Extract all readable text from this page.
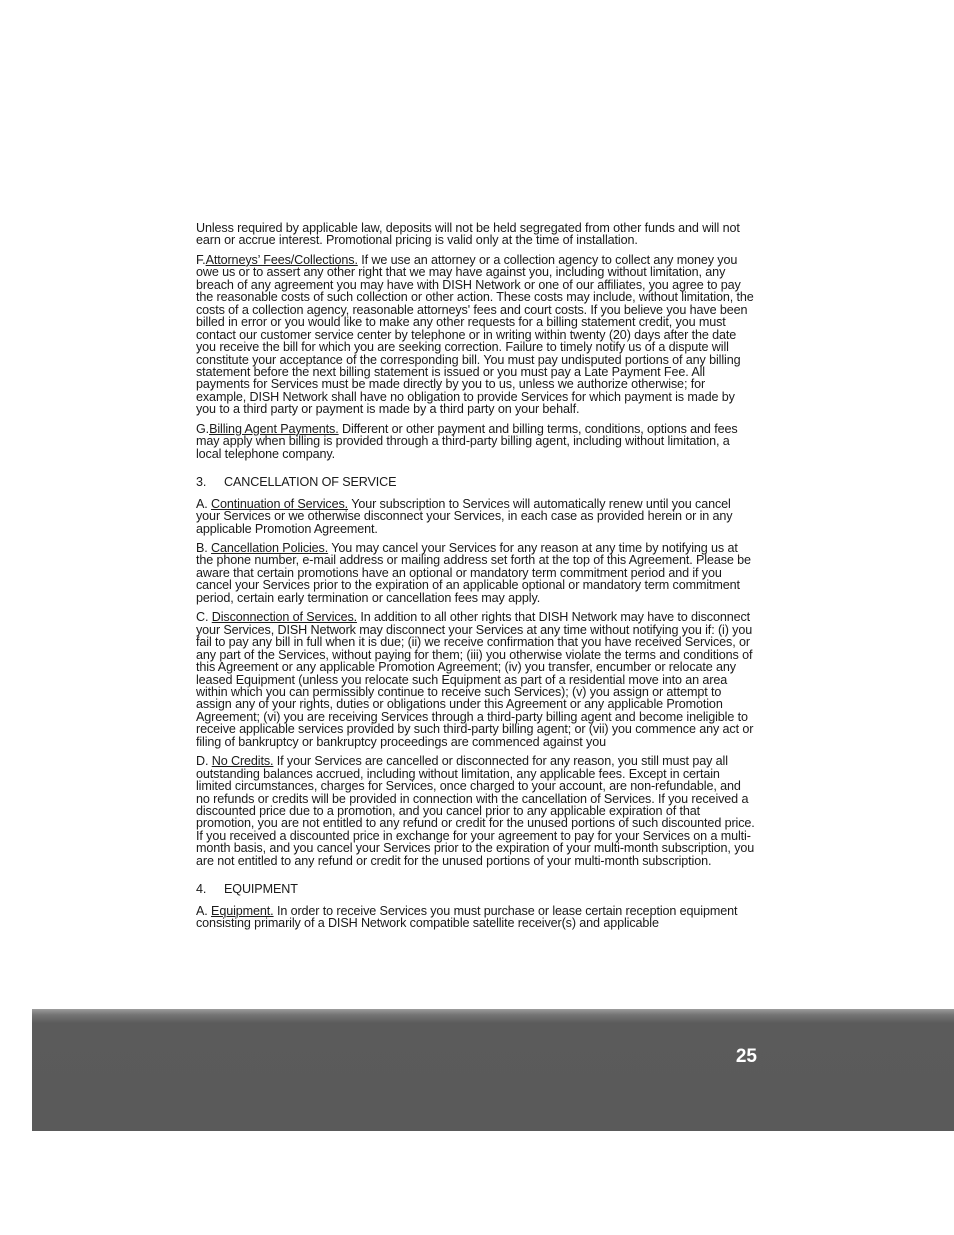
Unless required by applicable law, deposits will not be held segregated from other funds and will not earn or accrue interest. Promotional pricing is valid only at the time of installation.

F.Attorneys’ Fees/Collections. If we use an attorney or a collection agency to collect any money you owe us or to assert any other right that we may have against you, including without limitation, any breach of any agreement you may have with DISH Network or one of our affiliates, you agree to pay the reasonable costs of such collection or other action. These costs may include, without limitation, the costs of a collection agency, reasonable attorneys' fees and court costs. If you believe you have been billed in error or you would like to make any other requests for a billing statement credit, you must contact our customer service center by telephone or in writing within twenty (20) days after the date you receive the bill for which you are seeking correction. Failure to timely notify us of a dispute will constitute your acceptance of the corresponding bill. You must pay undisputed portions of any billing statement before the next billing statement is issued or you must pay a Late Payment Fee. All payments for Services must be made directly by you to us, unless we authorize otherwise; for example, DISH Network shall have no obligation to provide Services for which payment is made by you to a third party or payment is made by a third party on your behalf.

G.Billing Agent Payments. Different or other payment and billing terms, conditions, options and fees may apply when billing is provided through a third-party billing agent, including without limitation, a local telephone company.

3. CANCELLATION OF SERVICE

A. Continuation of Services. Your subscription to Services will automatically renew until you cancel your Services or we otherwise disconnect your Services, in each case as provided herein or in any applicable Promotion Agreement.

B. Cancellation Policies. You may cancel your Services for any reason at any time by notifying us at the phone number, e-mail address or mailing address set forth at the top of this Agreement. Please be aware that certain promotions have an optional or mandatory term commitment period and if you cancel your Services prior to the expiration of an applicable optional or mandatory term commitment period, certain early termination or cancellation fees may apply.

C. Disconnection of Services. In addition to all other rights that DISH Network may have to disconnect your Services, DISH Network may disconnect your Services at any time without notifying you if: (i) you fail to pay any bill in full when it is due; (ii) we receive confirmation that you have received Services, or any part of the Services, without paying for them; (iii) you otherwise violate the terms and conditions of this Agreement or any applicable Promotion Agreement; (iv) you transfer, encumber or relocate any leased Equipment (unless you relocate such Equipment as part of a residential move into an area within which you can permissibly continue to receive such Services); (v) you assign or attempt to assign any of your rights, duties or obligations under this Agreement or any applicable Promotion Agreement; (vi) you are receiving Services through a third-party billing agent and become ineligible to receive applicable services provided by such third-party billing agent; or (vii) you commence any act or filing of bankruptcy or bankruptcy proceedings are commenced against you

D. No Credits. If your Services are cancelled or disconnected for any reason, you still must pay all outstanding balances accrued, including without limitation, any applicable fees. Except in certain limited circumstances, charges for Services, once charged to your account, are non-refundable, and no refunds or credits will be provided in connection with the cancellation of Services. If you received a discounted price due to a promotion, and you cancel prior to any applicable expiration of that promotion, you are not entitled to any refund or credit for the unused portions of such discounted price. If you received a discounted price in exchange for your agreement to pay for your Services on a multi-month basis, and you cancel your Services prior to the expiration of your multi-month subscription, you are not entitled to any refund or credit for the unused portions of your multi-month subscription.

4. EQUIPMENT

A. Equipment. In order to receive Services you must purchase or lease certain reception equipment consisting primarily of a DISH Network compatible satellite receiver(s) and applicable

25
